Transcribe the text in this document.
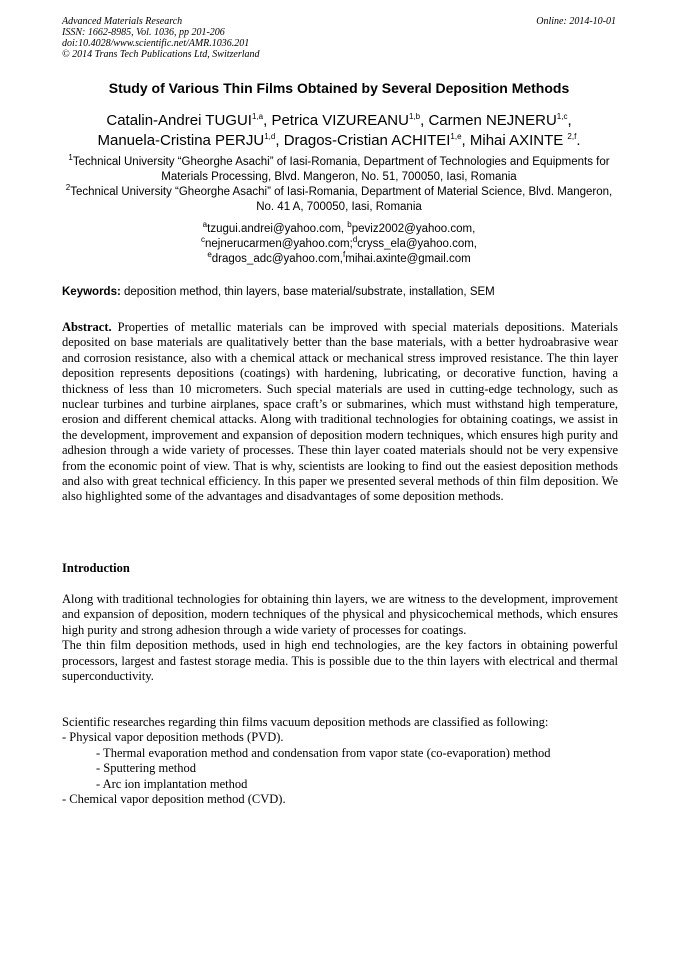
Advanced Materials Research
ISSN: 1662-8985, Vol. 1036, pp 201-206
doi:10.4028/www.scientific.net/AMR.1036.201
© 2014 Trans Tech Publications Ltd, Switzerland
Online: 2014-10-01
Study of Various Thin Films Obtained by Several Deposition Methods
Catalin-Andrei TUGUI$^{1,a}$, Petrica VIZUREANU$^{1,b}$, Carmen NEJNERU$^{1,c}$,
Manuela-Cristina PERJU$^{1,d}$, Dragos-Cristian ACHITEI$^{1,e}$, Mihai AXINTE $^{2,f}$.
$^1$Technical University “Gheorghe Asachi” of Iasi-Romania, Department of Technologies and Equipments for Materials Processing, Blvd. Mangeron, No. 51, 700050, Iasi, Romania
$^2$Technical University “Gheorghe Asachi” of Iasi-Romania, Department of Material Science, Blvd. Mangeron, No. 41 A, 700050, Iasi, Romania
$^a$tzugui.andrei@yahoo.com, $^b$peviz2002@yahoo.com,
$^c$nejnerucarmen@yahoo.com;$^d$cryss_ela@yahoo.com,
$^e$dragos_adc@yahoo.com,$^f$mihai.axinte@gmail.com
Keywords: deposition method, thin layers, base material/substrate, installation, SEM
Abstract. Properties of metallic materials can be improved with special materials depositions. Materials deposited on base materials are qualitatively better than the base materials, with a better hydroabrasive wear and corrosion resistance, also with a chemical attack or mechanical stress improved resistance. The thin layer deposition represents depositions (coatings) with hardening, lubricating, or decorative function, having a thickness of less than 10 micrometers. Such special materials are used in cutting-edge technology, such as nuclear turbines and turbine airplanes, space craft’s or submarines, which must withstand high temperature, erosion and different chemical attacks. Along with traditional technologies for obtaining coatings, we assist in the development, improvement and expansion of deposition modern techniques, which ensures high purity and adhesion through a wide variety of processes. These thin layer coated materials should not be very expensive from the economic point of view. That is why, scientists are looking to find out the easiest deposition methods and also with great technical efficiency. In this paper we presented several methods of thin film deposition. We also highlighted some of the advantages and disadvantages of some deposition methods.
Introduction

Along with traditional technologies for obtaining thin layers, we are witness to the development, improvement and expansion of deposition, modern techniques of the physical and physicochemical methods, which ensures high purity and strong adhesion through a wide variety of processes for coatings.

The thin film deposition methods, used in high end technologies, are the key factors in obtaining powerful processors, largest and fastest storage media. This is possible due to the thin layers with electrical and thermal superconductivity.

Scientific researches regarding thin films vacuum deposition methods are classified as following:
- Physical vapor deposition methods (PVD).
- Thermal evaporation method and condensation from vapor state (co-evaporation) method
- Sputtering method
- Arc ion implantation method
- Chemical vapor deposition method (CVD).
